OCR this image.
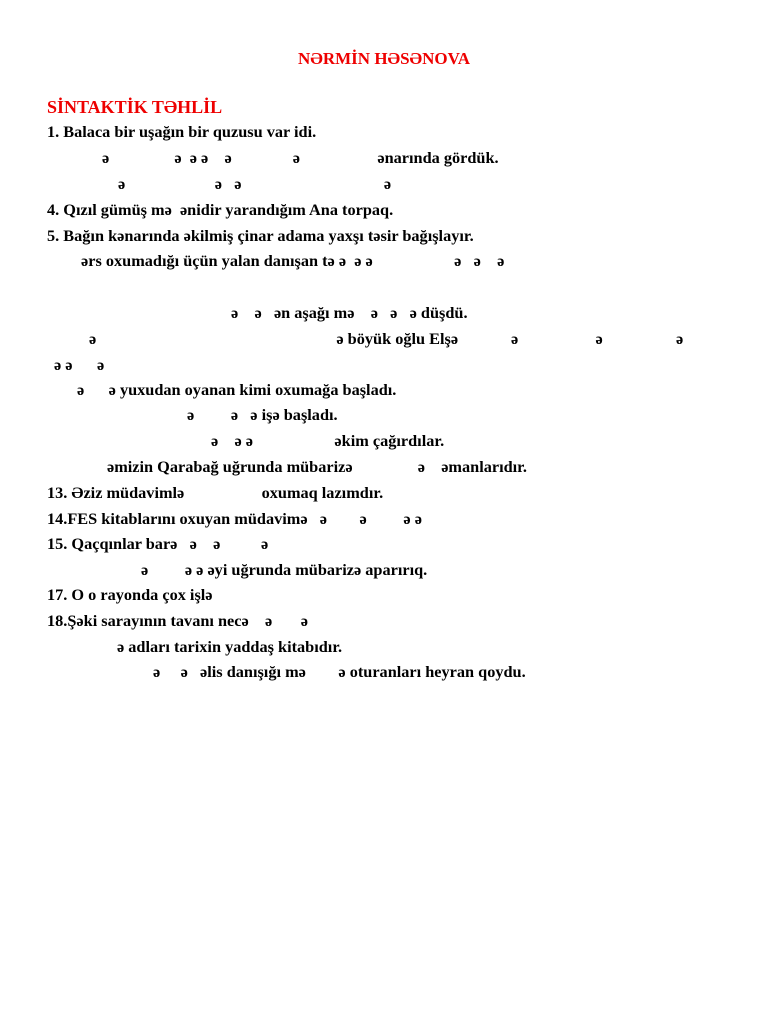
NƏRMİN HƏSƏNOVA
SİNTAKTİK TƏHLİL
1. Balaca bir uşağın bir quzusu var idi.
ə                ə  ə ə    ə               ə                   ənarında gördük.
ə                      ə   ə                                   ə
4. Qızıl gümüş mə  ənidir yarandığım Ana torpaq.
5. Bağın kənarında əkilmiş çinar adama yaxşı təsir bağışlayır.
ərs oxumadığı üçün yalan danışan tə ə  ə ə                    ə   ə    ə
ə    ə   ən aşağı mə    ə   ə   ə düşdü.
ə                                                           ə böyük oğlu Elşə             ə                   ə                  ə
ə ə      ə
ə      ə yuxudan oyanan kimi oxumağa başladı.
ə         ə   ə işə başladı.
ə    ə ə                    əkim çağırdılar.
əmizin Qarabağ uğrunda mübarizə                ə    əmanlarıdır.
13. Əziz müdavimlə                   oxumaq lazımdır.
14.FES kitablarını oxuyan müdavimə   ə        ə         ə ə
15. Qaçqınlar barə   ə    ə          ə
ə         ə ə əyi uğrunda mübarizə aparırıq.
17. O o rayonda çox işlə
18.Şəki sarayının tavanı necə    ə       ə
ə adları tarixin yaddaş kitabıdır.
ə     ə   əlis danışığı mə        ə oturanları heyran qoydu.
